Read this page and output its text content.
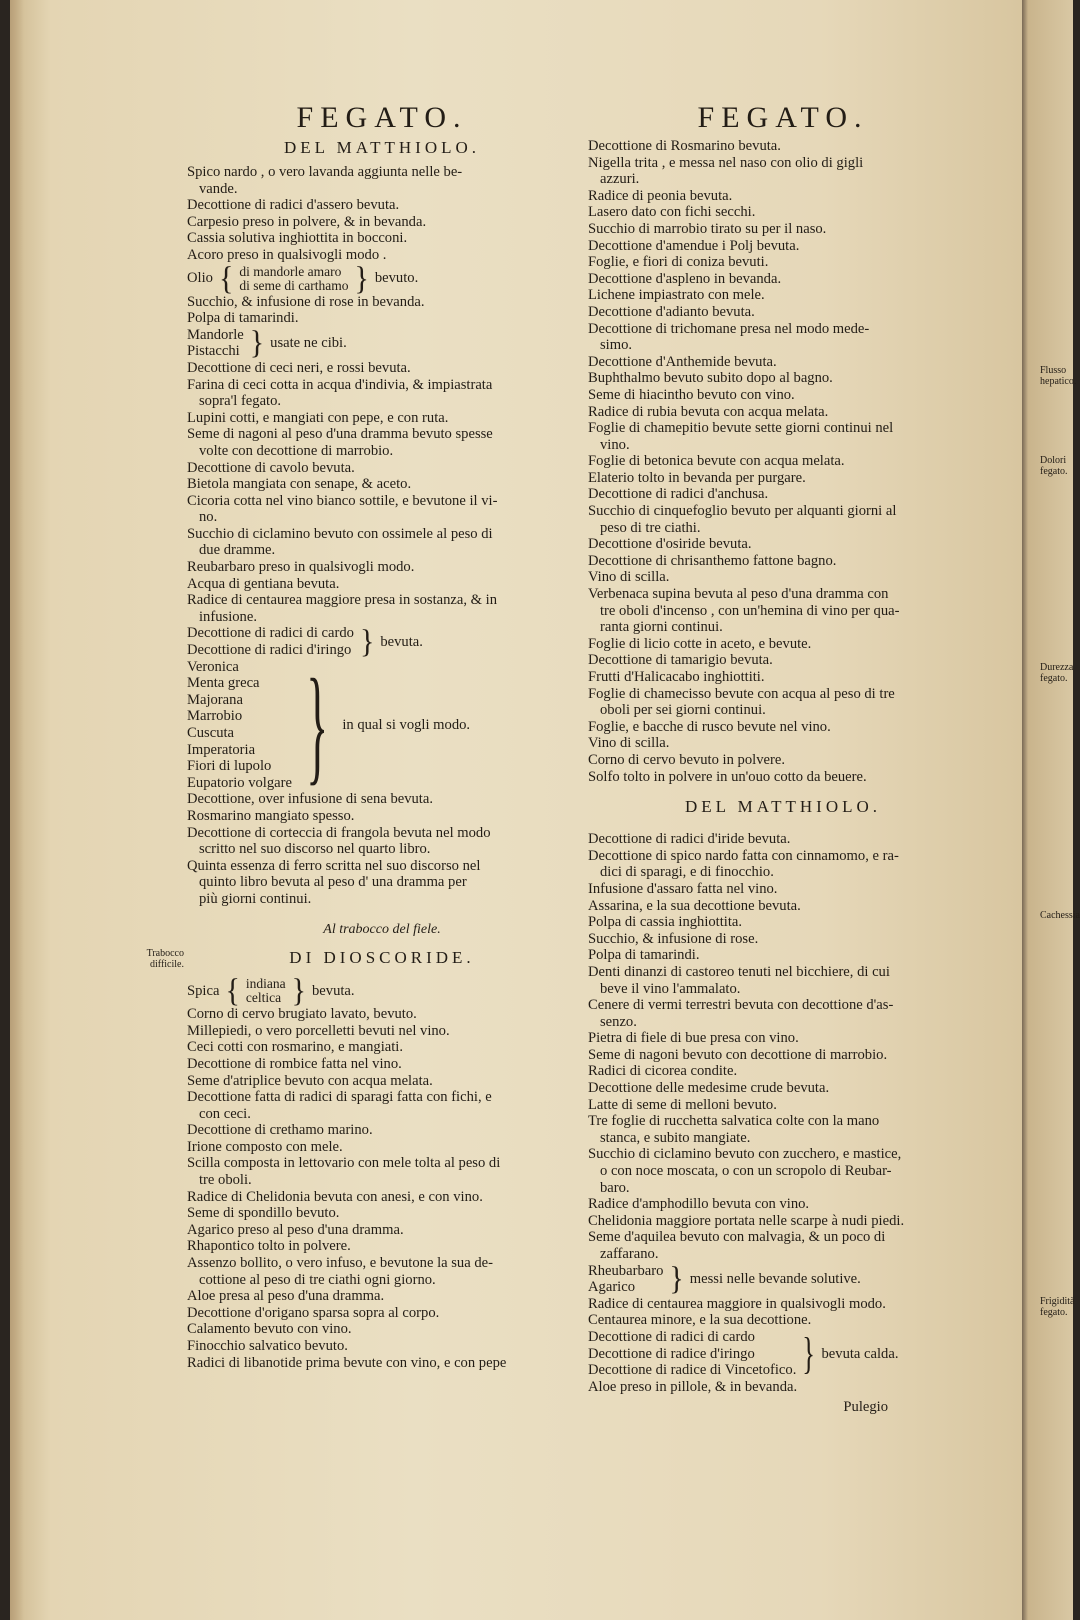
FEGATO.
DEL MATTHIOLO.
Spico nardo , o vero lavanda aggiunta nelle be-
vande.
Decottione di radici d'assero bevuta.
Carpesio preso in polvere, & in bevanda.
Cassia solutiva inghiottita in bocconi.
Acoro preso in qualsivogli modo .
Olio { di mandorle amaro
di seme di carthamo } bevuto.
Succhio, & infusione di rose in bevanda.
Polpa di tamarindi.
Mandorle
Pistacchi } usate ne cibi.
Decottione di ceci neri, e rossi bevuta.
Farina di ceci cotta in acqua d'indivia, & impiastrata
sopra'l fegato.
Lupini cotti, e mangiati con pepe, e con ruta.
Seme di nagoni al peso d'una dramma bevuto spesse
volte con decottione di marrobio.
Decottione di cavolo bevuta.
Bietola mangiata con senape, & aceto.
Cicoria cotta nel vino bianco sottile, e bevutone il vi-
no.
Succhio di ciclamino bevuto con ossimele al peso di
due dramme.
Reubarbaro preso in qualsivogli modo.
Acqua di gentiana bevuta.
Radice di centaurea maggiore presa in sostanza, & in
infusione.
Decottione di radici di cardo
Decottione di radici d'iringo } bevuta.
Veronica
Menta greca
Majorana
Marrobio
Cuscuta
Imperatoria
Fiori di lupolo
Eupatorio volgare } in qual si vogli modo.
Decottione, over infusione di sena bevuta.
Rosmarino mangiato spesso.
Decottione di corteccia di frangola bevuta nel modo
scritto nel suo discorso nel quarto libro.
Quinta essenza di ferro scritta nel suo discorso nel
quinto libro bevuta al peso d' una dramma per
più giorni continui.
Al trabocco del fiele.
DI DIOSCORIDE.
Spica { indiana
celtica } bevuta.
Corno di cervo brugiato lavato, bevuto.
Millepiedi, o vero porcelletti bevuti nel vino.
Ceci cotti con rosmarino, e mangiati.
Decottione di rombice fatta nel vino.
Seme d'atriplice bevuto con acqua melata.
Decottione fatta di radici di sparagi fatta con fichi, e
con ceci.
Decottione di crethamo marino.
Irione composto con mele.
Scilla composta in lettovario con mele tolta al peso di
tre oboli.
Radice di Chelidonia bevuta con anesi, e con vino.
Seme di spondillo bevuto.
Agarico preso al peso d'una dramma.
Rhapontico tolto in polvere.
Assenzo bollito, o vero infuso, e bevutone la sua de-
cottione al peso di tre ciathi ogni giorno.
Aloe presa al peso d'una dramma.
Decottione d'origano sparsa sopra al corpo.
Calamento bevuto con vino.
Finocchio salvatico bevuto.
Radici di libanotide prima bevute con vino, e con pepe
FEGATO.
Decottione di Rosmarino bevuta.
Nigella trita , e messa nel naso con olio di gigli
azzuri.
Radice di peonia bevuta.
Lasero dato con fichi secchi.
Succhio di marrobio tirato su per il naso.
Decottione d'amendue i Polj bevuta.
Foglie, e fiori di coniza bevuti.
Decottione d'aspleno in bevanda.
Lichene impiastrato con mele.
Decottione d'adianto bevuta.
Decottione di trichomane presa nel modo mede-
simo.
Decottione d'Anthemide bevuta.
Buphthalmo bevuto subito dopo al bagno.
Seme di hiacintho bevuto con vino.
Radice di rubia bevuta con acqua melata.
Foglie di chamepitio bevute sette giorni continui nel
vino.
Foglie di betonica bevute con acqua melata.
Elaterio tolto in bevanda per purgare.
Decottione di radici d'anchusa.
Succhio di cinquefoglio bevuto per alquanti giorni al
peso di tre ciathi.
Decottione d'osiride bevuta.
Decottione di chrisanthemo fattone bagno.
Vino di scilla.
Verbenaca supina bevuta al peso d'una dramma con
tre oboli d'incenso , con un'hemina di vino per qua-
ranta giorni continui.
Foglie di licio cotte in aceto, e bevute.
Decottione di tamarigio bevuta.
Frutti d'Halicacabo inghiottiti.
Foglie di chamecisso bevute con acqua al peso di tre
oboli per sei giorni continui.
Foglie, e bacche di rusco bevute nel vino.
Vino di scilla.
Corno di cervo bevuto in polvere.
Solfo tolto in polvere in un'ouo cotto da beuere.
DEL MATTHIOLO.
Decottione di radici d'iride bevuta.
Decottione di spico nardo fatta con cinnamomo, e ra-
dici di sparagi, e di finocchio.
Infusione d'assaro fatta nel vino.
Assarina, e la sua decottione bevuta.
Polpa di cassia inghiottita.
Succhio, & infusione di rose.
Polpa di tamarindi.
Denti dinanzi di castoreo tenuti nel bicchiere, di cui
beve il vino l'ammalato.
Cenere di vermi terrestri bevuta con decottione d'as-
senzo.
Pietra di fiele di bue presa con vino.
Seme di nagoni bevuto con decottione di marrobio.
Radici di cicorea condite.
Decottione delle medesime crude bevuta.
Latte di seme di melloni bevuto.
Tre foglie di rucchetta salvatica colte con la mano
stanca, e subito mangiate.
Succhio di ciclamino bevuto con zucchero, e mastice,
o con noce moscata, o con un scropolo di Reubar-
baro.
Radice d'amphodillo bevuta con vino.
Chelidonia maggiore portata nelle scarpe à nudi piedi.
Seme d'aquilea bevuto con malvagia, & un poco di
zaffarano.
Rheubarbaro
Agarico	} messi nelle bevande solutive.
Radice di centaurea maggiore in qualsivogli modo.
Centaurea minore, e la sua decottione.
Decottione di radici di cardo
Decottione di radice d'iringo
Decottione di radice di Vincetofico. } bevuta calda.
Aloe preso in pillole, & in bevanda.
Pulegio
Trabocco difficile.
Flusso hepatico.
Dolori fegato.
Durezza fegato.
Cachessia
Frigidità fegato.
